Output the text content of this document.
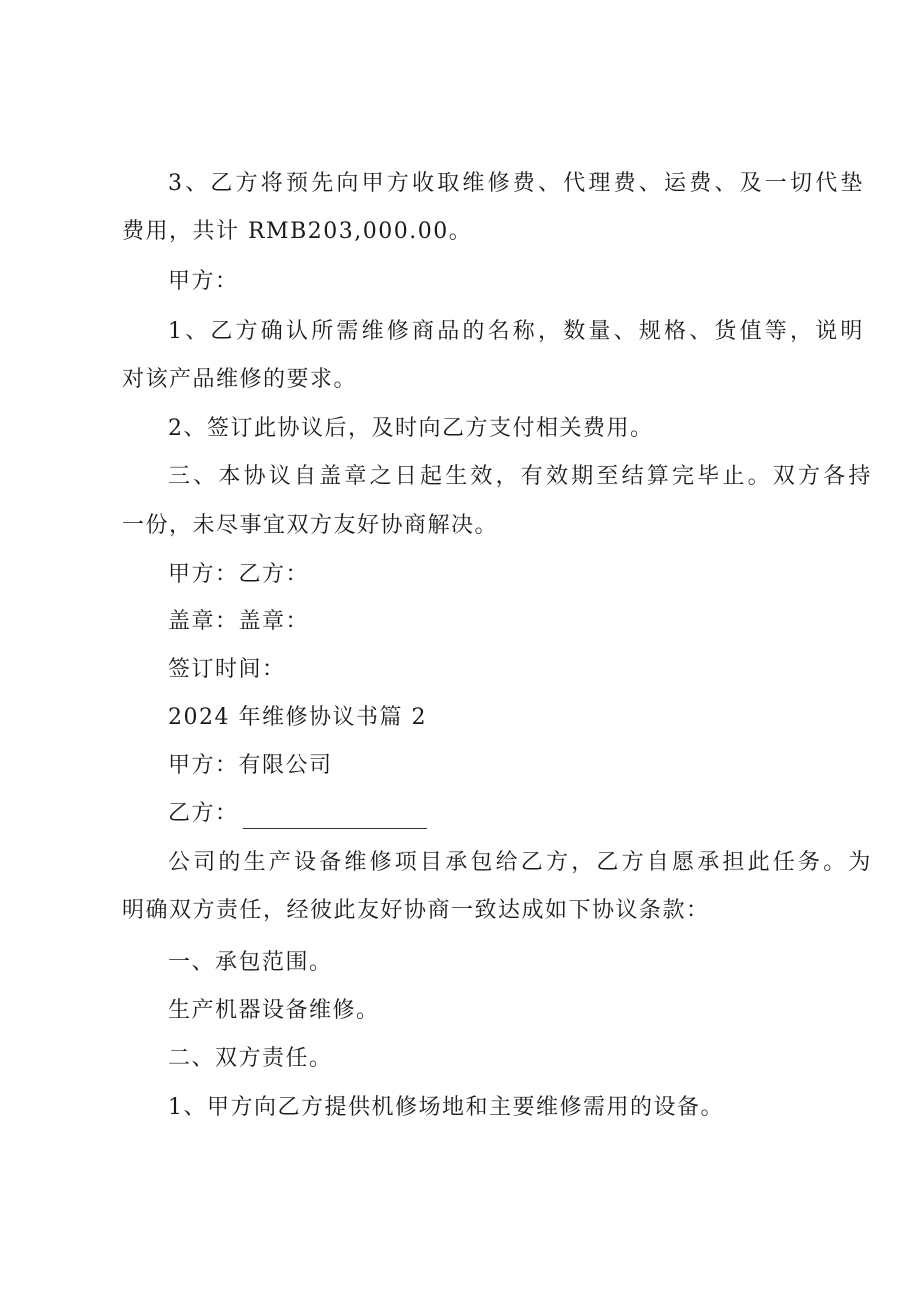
3、乙方将预先向甲方收取维修费、代理费、运费、及一切代垫
费用，共计 RMB203,000.00。
甲方：
1、乙方确认所需维修商品的名称，数量、规格、货值等，说明
对该产品维修的要求。
2、签订此协议后，及时向乙方支付相关费用。
三、本协议自盖章之日起生效，有效期至结算完毕止。双方各持
一份，未尽事宜双方友好协商解决。
甲方：乙方：
盖章：盖章：
签订时间：
2024 年维修协议书篇 2
甲方：有限公司
乙方：
公司的生产设备维修项目承包给乙方，乙方自愿承担此任务。为
明确双方责任，经彼此友好协商一致达成如下协议条款：
一、承包范围。
生产机器设备维修。
二、双方责任。
1、甲方向乙方提供机修场地和主要维修需用的设备。
